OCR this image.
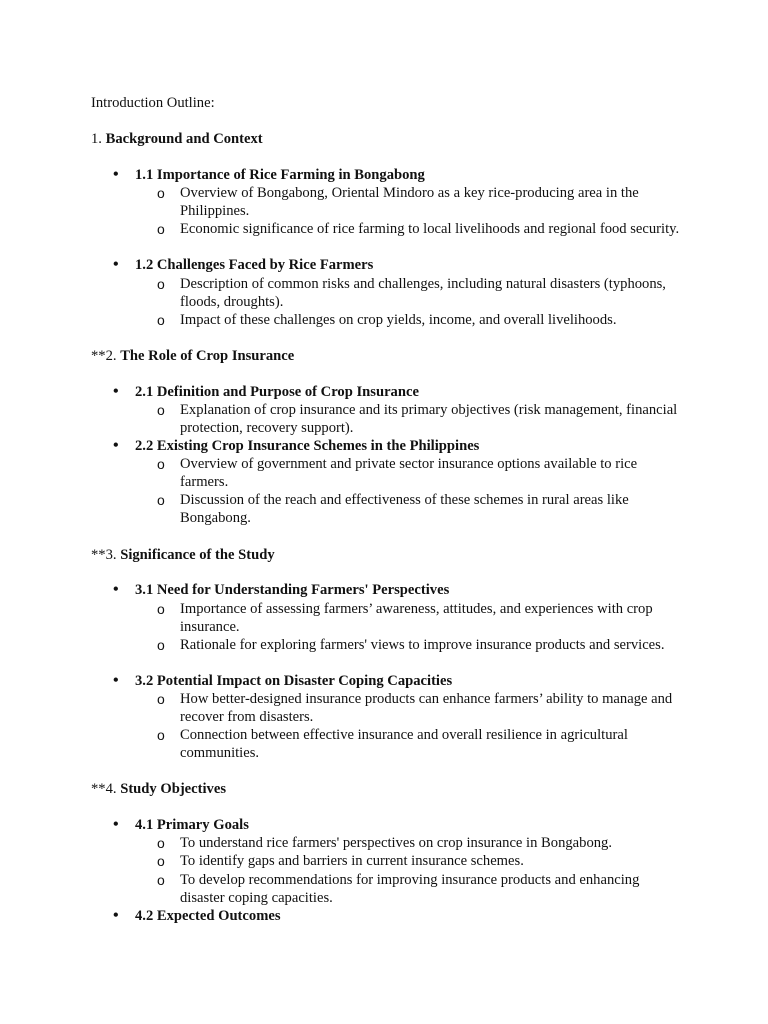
Introduction Outline:
1. Background and Context
• 1.1 Importance of Rice Farming in Bongabong
o Overview of Bongabong, Oriental Mindoro as a key rice-producing area in the Philippines.
o Economic significance of rice farming to local livelihoods and regional food security.
• 1.2 Challenges Faced by Rice Farmers
o Description of common risks and challenges, including natural disasters (typhoons, floods, droughts).
o Impact of these challenges on crop yields, income, and overall livelihoods.
**2. The Role of Crop Insurance
• 2.1 Definition and Purpose of Crop Insurance
o Explanation of crop insurance and its primary objectives (risk management, financial protection, recovery support).
• 2.2 Existing Crop Insurance Schemes in the Philippines
o Overview of government and private sector insurance options available to rice farmers.
o Discussion of the reach and effectiveness of these schemes in rural areas like Bongabong.
**3. Significance of the Study
• 3.1 Need for Understanding Farmers' Perspectives
o Importance of assessing farmers’ awareness, attitudes, and experiences with crop insurance.
o Rationale for exploring farmers' views to improve insurance products and services.
• 3.2 Potential Impact on Disaster Coping Capacities
o How better-designed insurance products can enhance farmers’ ability to manage and recover from disasters.
o Connection between effective insurance and overall resilience in agricultural communities.
**4. Study Objectives
• 4.1 Primary Goals
o To understand rice farmers' perspectives on crop insurance in Bongabong.
o To identify gaps and barriers in current insurance schemes.
o To develop recommendations for improving insurance products and enhancing disaster coping capacities.
• 4.2 Expected Outcomes
